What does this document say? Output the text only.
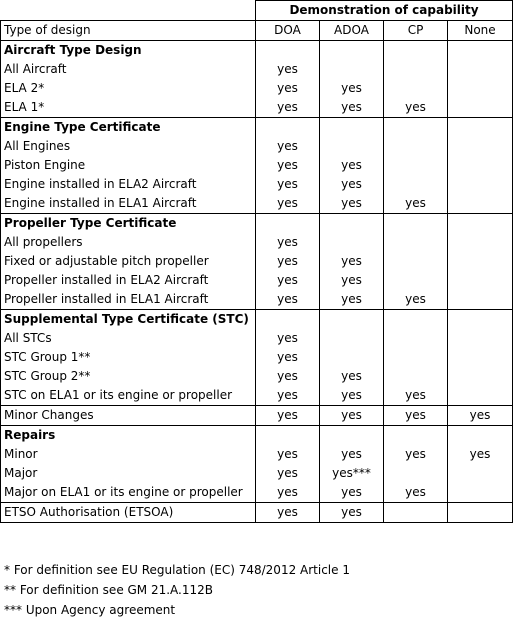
	Demonstration of capability			
Type of design	DOA	ADOA	CP	None
Aircraft Type Design				
All Aircraft	yes			
ELA 2*	yes	yes		
ELA 1*	yes	yes	yes	
Engine Type Certificate				
All Engines	yes			
Piston Engine	yes	yes		
Engine installed in ELA2 Aircraft	yes	yes		
Engine installed in ELA1 Aircraft	yes	yes	yes	
Propeller Type Certificate				
All propellers	yes			
Fixed or adjustable pitch propeller	yes	yes		
Propeller installed in ELA2 Aircraft	yes	yes		
Propeller installed in ELA1 Aircraft	yes	yes	yes	
Supplemental Type Certificate (STC)				
All STCs	yes			
STC Group 1**	yes			
STC Group 2**	yes	yes		
STC on ELA1 or its engine or propeller	yes	yes	yes	
Minor Changes	yes	yes	yes	yes
Repairs				
Minor	yes	yes	yes	yes
Major	yes	yes***		
Major on ELA1 or its engine or propeller	yes	yes	yes	
ETSO Authorisation (ETSOA)	yes	yes		
* For definition see EU Regulation (EC) 748/2012 Article 1
** For definition see GM 21.A.112B
*** Upon Agency agreement
